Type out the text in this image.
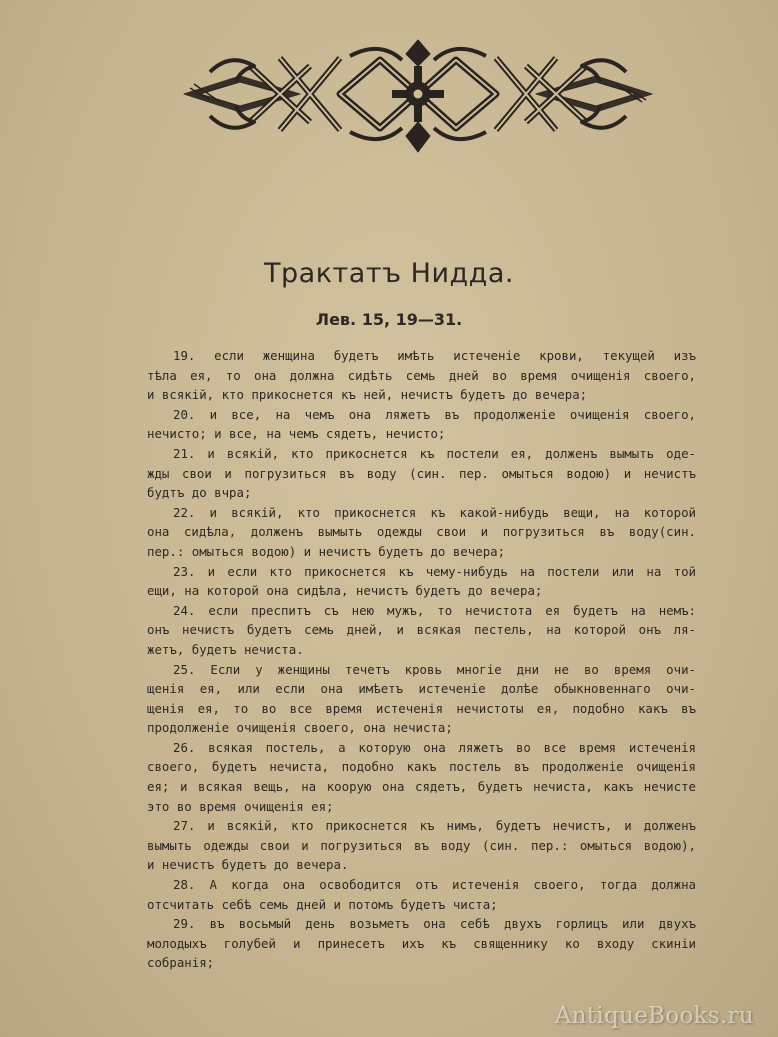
Трактатъ Нидда.
Лев. 15, 19—31.

19. если женщина будетъ имѣть истеченіе крови, текущей изъ
тѣла ея, то она должна сидѣть семь дней во время очищенія своего,
и всякій, кто прикоснется къ ней, нечистъ будетъ до вечера;

20. и все, на чемъ она ляжетъ въ продолженіе очищенія своего,
нечисто; и все, на чемъ сядетъ, нечисто;

21. и всякій, кто прикоснется къ постели ея, долженъ вымыть оде-
жды свои и погрузиться въ воду (син. пер. омыться водою) и нечистъ
будтъ до вчра;

22. и всякій, кто прикоснется къ какой-нибудь вещи, на которой
она сидѣла, долженъ вымыть одежды свои и погрузиться въ воду(син.
пер.: омыться водою) и нечистъ будетъ до вечера;

23. и если кто прикоснется къ чему-нибудь на постели или на той
ещи, на которой она сидѣла, нечистъ будетъ до вечера;

24. если преспитъ съ нею мужъ, то нечистота ея будетъ на немъ:
онъ нечистъ будетъ семь дней, и всякая пестель, на которой онъ ля-
жетъ, будетъ нечиста.

25. Если у женщины течетъ кровь многіе дни не во время очи-
щенія ея, или если она имѣетъ истеченіе долѣе обыкновеннаго очи-
щенія ея, то во все время истеченія нечистоты ея, подобно какъ въ
продолженіе очищенія своего, она нечиста;

26. всякая постель, а которую она ляжетъ во все время истеченія
своего, будетъ нечиста, подобно какъ постель въ продолженіе очищенія
ея; и всякая вещь, на коорую она сядетъ, будетъ нечиста, какъ нечисте
это во время очищенія ея;

27. и всякій, кто прикоснется къ нимъ, будетъ нечистъ, и долженъ
вымыть одежды свои и погрузиться въ воду (син. пер.: омыться водою),
и нечистъ будетъ до вечера.

28. А когда она освободится отъ истеченія своего, тогда должна
отсчитать себѣ семь дней и потомъ будетъ чиста;

29. въ восьмый день возьметъ она себѣ двухъ горлицъ или двухъ
молодыхъ голубей и принесетъ ихъ къ священнику ко входу скиніи
собранія;

AntiqueBooks.ru
